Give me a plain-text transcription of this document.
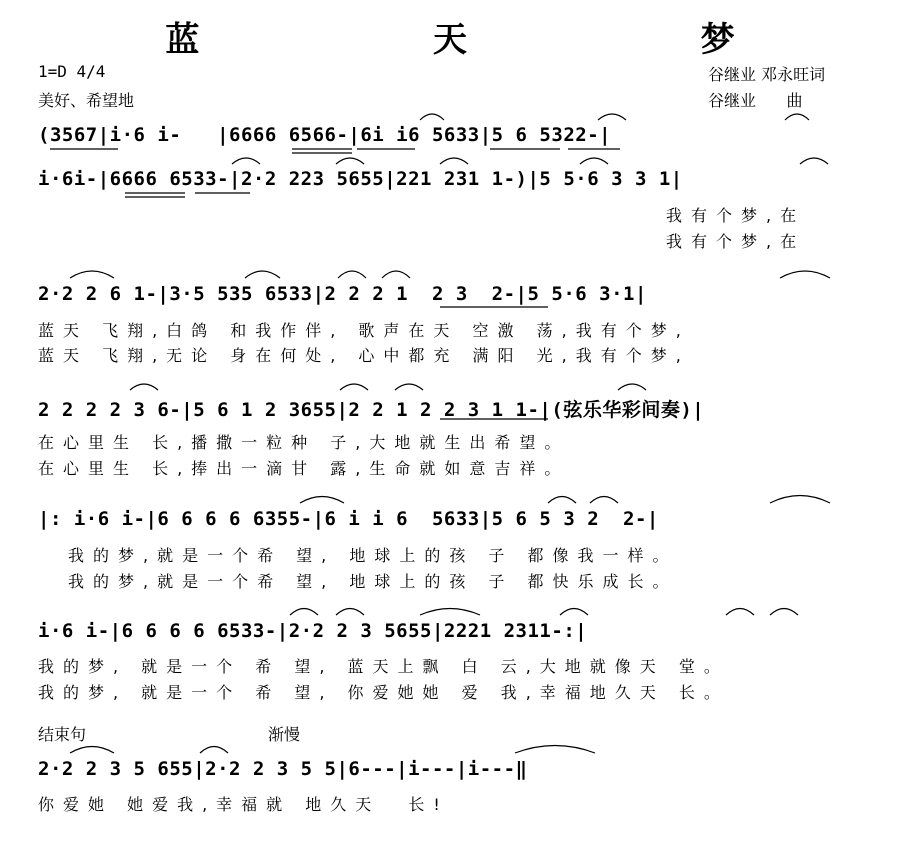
蓝  天  梦
1=D 4/4
美好、希望地
谷继业 邓永旺词
谷继业      曲
(3567|i·6 i-   |6666 6566-|6i i6 5633|5 6 5322-|
i·6i-|6666 6533-|2·2 223 5655|221 231 1-)|5 5·6 3 3 1|
我有个梦,在
我有个梦,在
2·2 2 6 1-|3·5 535 6533|2 2 2 1  2 3  2-|5 5·6 3·1|
蓝天 飞翔,白鸽 和我作伴, 歌声在天 空激 荡,我有个梦,
蓝天 飞翔,无论 身在何处, 心中都充 满阳 光,我有个梦,
2 2 2 2 3 6-|5 6 1 2 3655|2 2 1 2 2 3 1 1-|(弦乐华彩间奏)|
在心里生 长,播撒一粒种 子,大地就生出希望。
在心里生 长,捧出一滴甘 露,生命就如意吉祥。
|: i·6 i-|6 6 6 6 6355-|6 i i 6  5633|5 6 5 3 2  2-|
我的梦,就是一个希 望, 地球上的孩 子 都像我一样。
我的梦,就是一个希 望, 地球上的孩 子 都快乐成长。
i·6 i-|6 6 6 6 6533-|2·2 2 3 5655|2221 2311-:|
我的梦, 就是一个 希 望, 蓝天上飘 白 云,大地就像天 堂。
我的梦, 就是一个 希 望, 你爱她她 爱 我,幸福地久天 长。
结束句	渐慢
2·2 2 3 5 655|2·2 2 3 5 5|6---|i---|i---‖
你爱她 她爱我,幸福就 地久天  长!
